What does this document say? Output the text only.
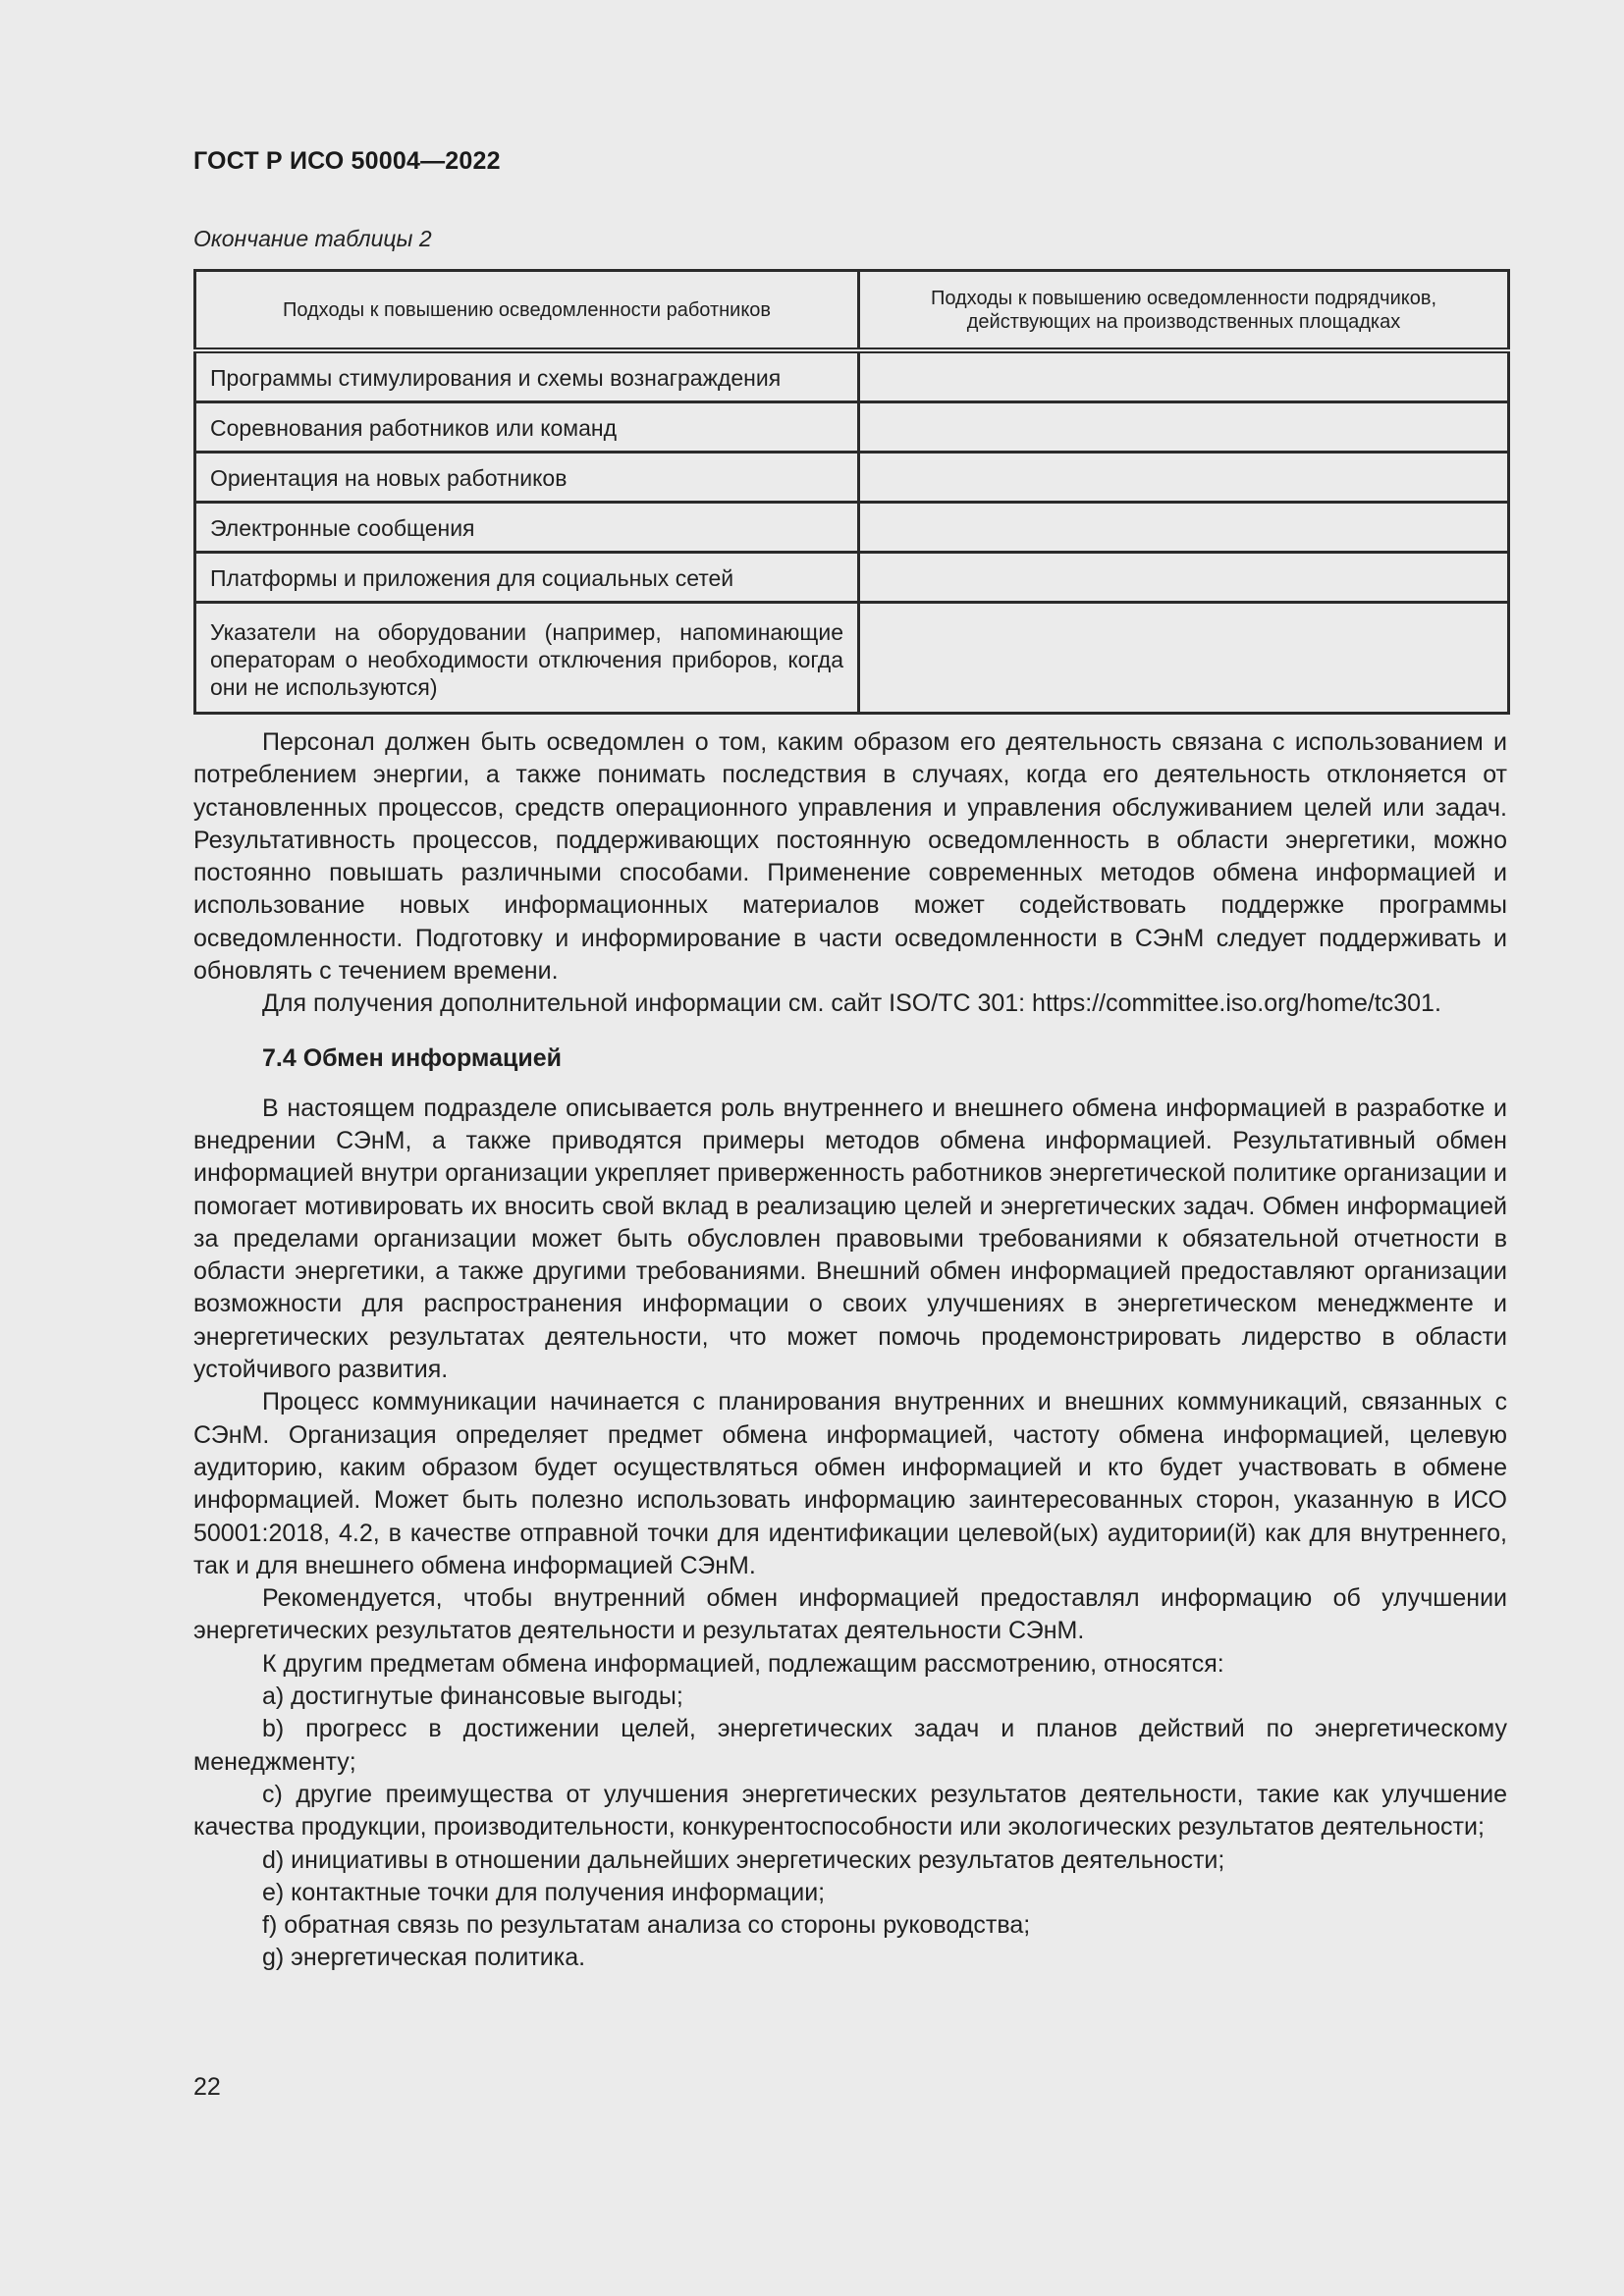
ГОСТ Р ИСО 50004—2022
Окончание таблицы 2
Подходы к повышению осведомленности работников	Подходы к повышению осведомленности подрядчиков, действующих на производственных площадках
Программы стимулирования и схемы вознаграждения	
Соревнования работников или команд	
Ориентация на новых работников	
Электронные сообщения	
Платформы и приложения для социальных сетей	
Указатели на оборудовании (например, напоминающие операторам о необходимости отключения приборов, когда они не используются)	

Персонал должен быть осведомлен о том, каким образом его деятельность связана с использованием и потреблением энергии, а также понимать последствия в случаях, когда его деятельность отклоняется от установленных процессов, средств операционного управления и управления обслуживанием целей или задач. Результативность процессов, поддерживающих постоянную осведомленность в области энергетики, можно постоянно повышать различными способами. Применение современных методов обмена информацией и использование новых информационных материалов может содействовать поддержке программы осведомленности. Подготовку и информирование в части осведомленности в СЭнМ следует поддерживать и обновлять с течением времени.

Для получения дополнительной информации см. сайт ISO/TC 301: https://committee.iso.org/home/tc301.

7.4 Обмен информацией

В настоящем подразделе описывается роль внутреннего и внешнего обмена информацией в разработке и внедрении СЭнМ, а также приводятся примеры методов обмена информацией. Результативный обмен информацией внутри организации укрепляет приверженность работников энергетической политике организации и помогает мотивировать их вносить свой вклад в реализацию целей и энергетических задач. Обмен информацией за пределами организации может быть обусловлен правовыми требованиями к обязательной отчетности в области энергетики, а также другими требованиями. Внешний обмен информацией предоставляют организации возможности для распространения информации о своих улучшениях в энергетическом менеджменте и энергетических результатах деятельности, что может помочь продемонстрировать лидерство в области устойчивого развития.

Процесс коммуникации начинается с планирования внутренних и внешних коммуникаций, связанных с СЭнМ. Организация определяет предмет обмена информацией, частоту обмена информацией, целевую аудиторию, каким образом будет осуществляться обмен информацией и кто будет участвовать в обмене информацией. Может быть полезно использовать информацию заинтересованных сторон, указанную в ИСО 50001:2018, 4.2, в качестве отправной точки для идентификации целевой(ых) аудитории(й) как для внутреннего, так и для внешнего обмена информацией СЭнМ.

Рекомендуется, чтобы внутренний обмен информацией предоставлял информацию об улучшении энергетических результатов деятельности и результатах деятельности СЭнМ.

К другим предметам обмена информацией, подлежащим рассмотрению, относятся:

a) достигнутые финансовые выгоды;

b) прогресс в достижении целей, энергетических задач и планов действий по энергетическому менеджменту;

c) другие преимущества от улучшения энергетических результатов деятельности, такие как улучшение качества продукции, производительности, конкурентоспособности или экологических результатов деятельности;

d) инициативы в отношении дальнейших энергетических результатов деятельности;

e) контактные точки для получения информации;

f) обратная связь по результатам анализа со стороны руководства;

g) энергетическая политика.

22
